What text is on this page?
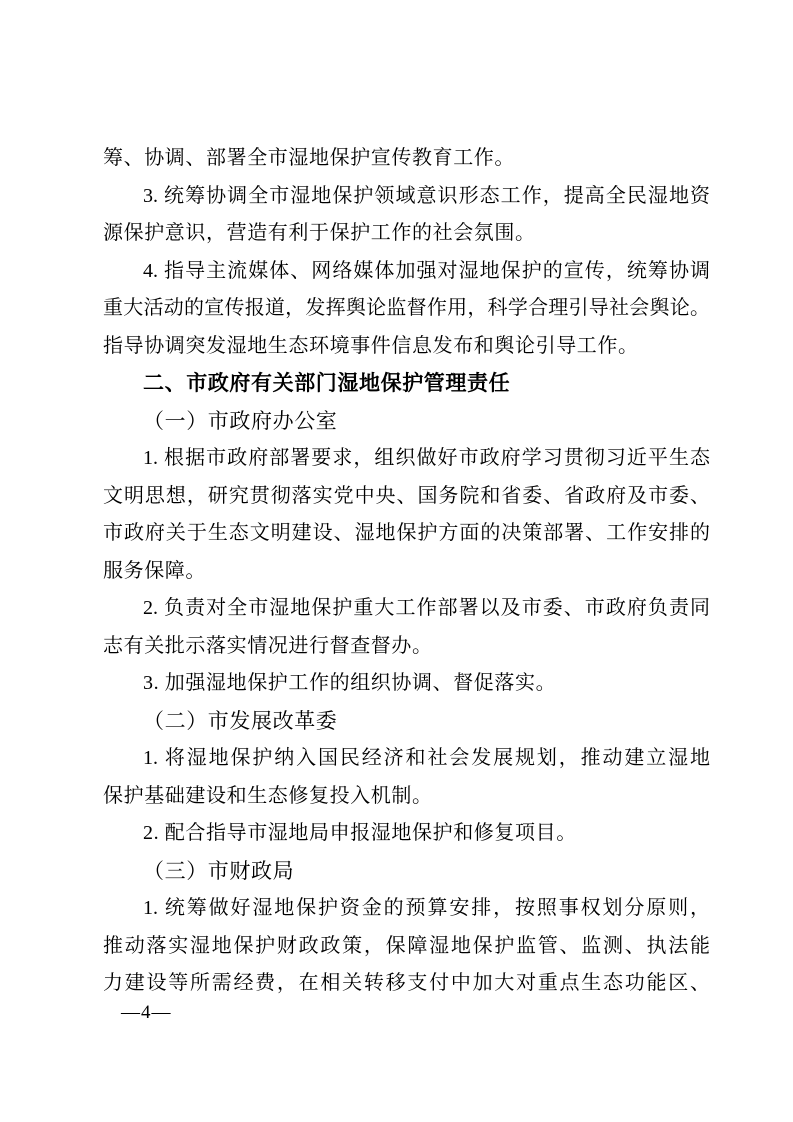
筹、协调、部署全市湿地保护宣传教育工作。
3. 统筹协调全市湿地保护领域意识形态工作，提高全民湿地资
源保护意识，营造有利于保护工作的社会氛围。
4. 指导主流媒体、网络媒体加强对湿地保护的宣传，统筹协调
重大活动的宣传报道，发挥舆论监督作用，科学合理引导社会舆论。
指导协调突发湿地生态环境事件信息发布和舆论引导工作。
二、市政府有关部门湿地保护管理责任
（一）市政府办公室
1. 根据市政府部署要求，组织做好市政府学习贯彻习近平生态
文明思想，研究贯彻落实党中央、国务院和省委、省政府及市委、
市政府关于生态文明建设、湿地保护方面的决策部署、工作安排的
服务保障。
2. 负责对全市湿地保护重大工作部署以及市委、市政府负责同
志有关批示落实情况进行督查督办。
3. 加强湿地保护工作的组织协调、督促落实。
（二）市发展改革委
1. 将湿地保护纳入国民经济和社会发展规划，推动建立湿地
保护基础建设和生态修复投入机制。
2. 配合指导市湿地局申报湿地保护和修复项目。
（三）市财政局
1. 统筹做好湿地保护资金的预算安排，按照事权划分原则，
推动落实湿地保护财政政策，保障湿地保护监管、监测、执法能
力建设等所需经费，在相关转移支付中加大对重点生态功能区、
—4—
